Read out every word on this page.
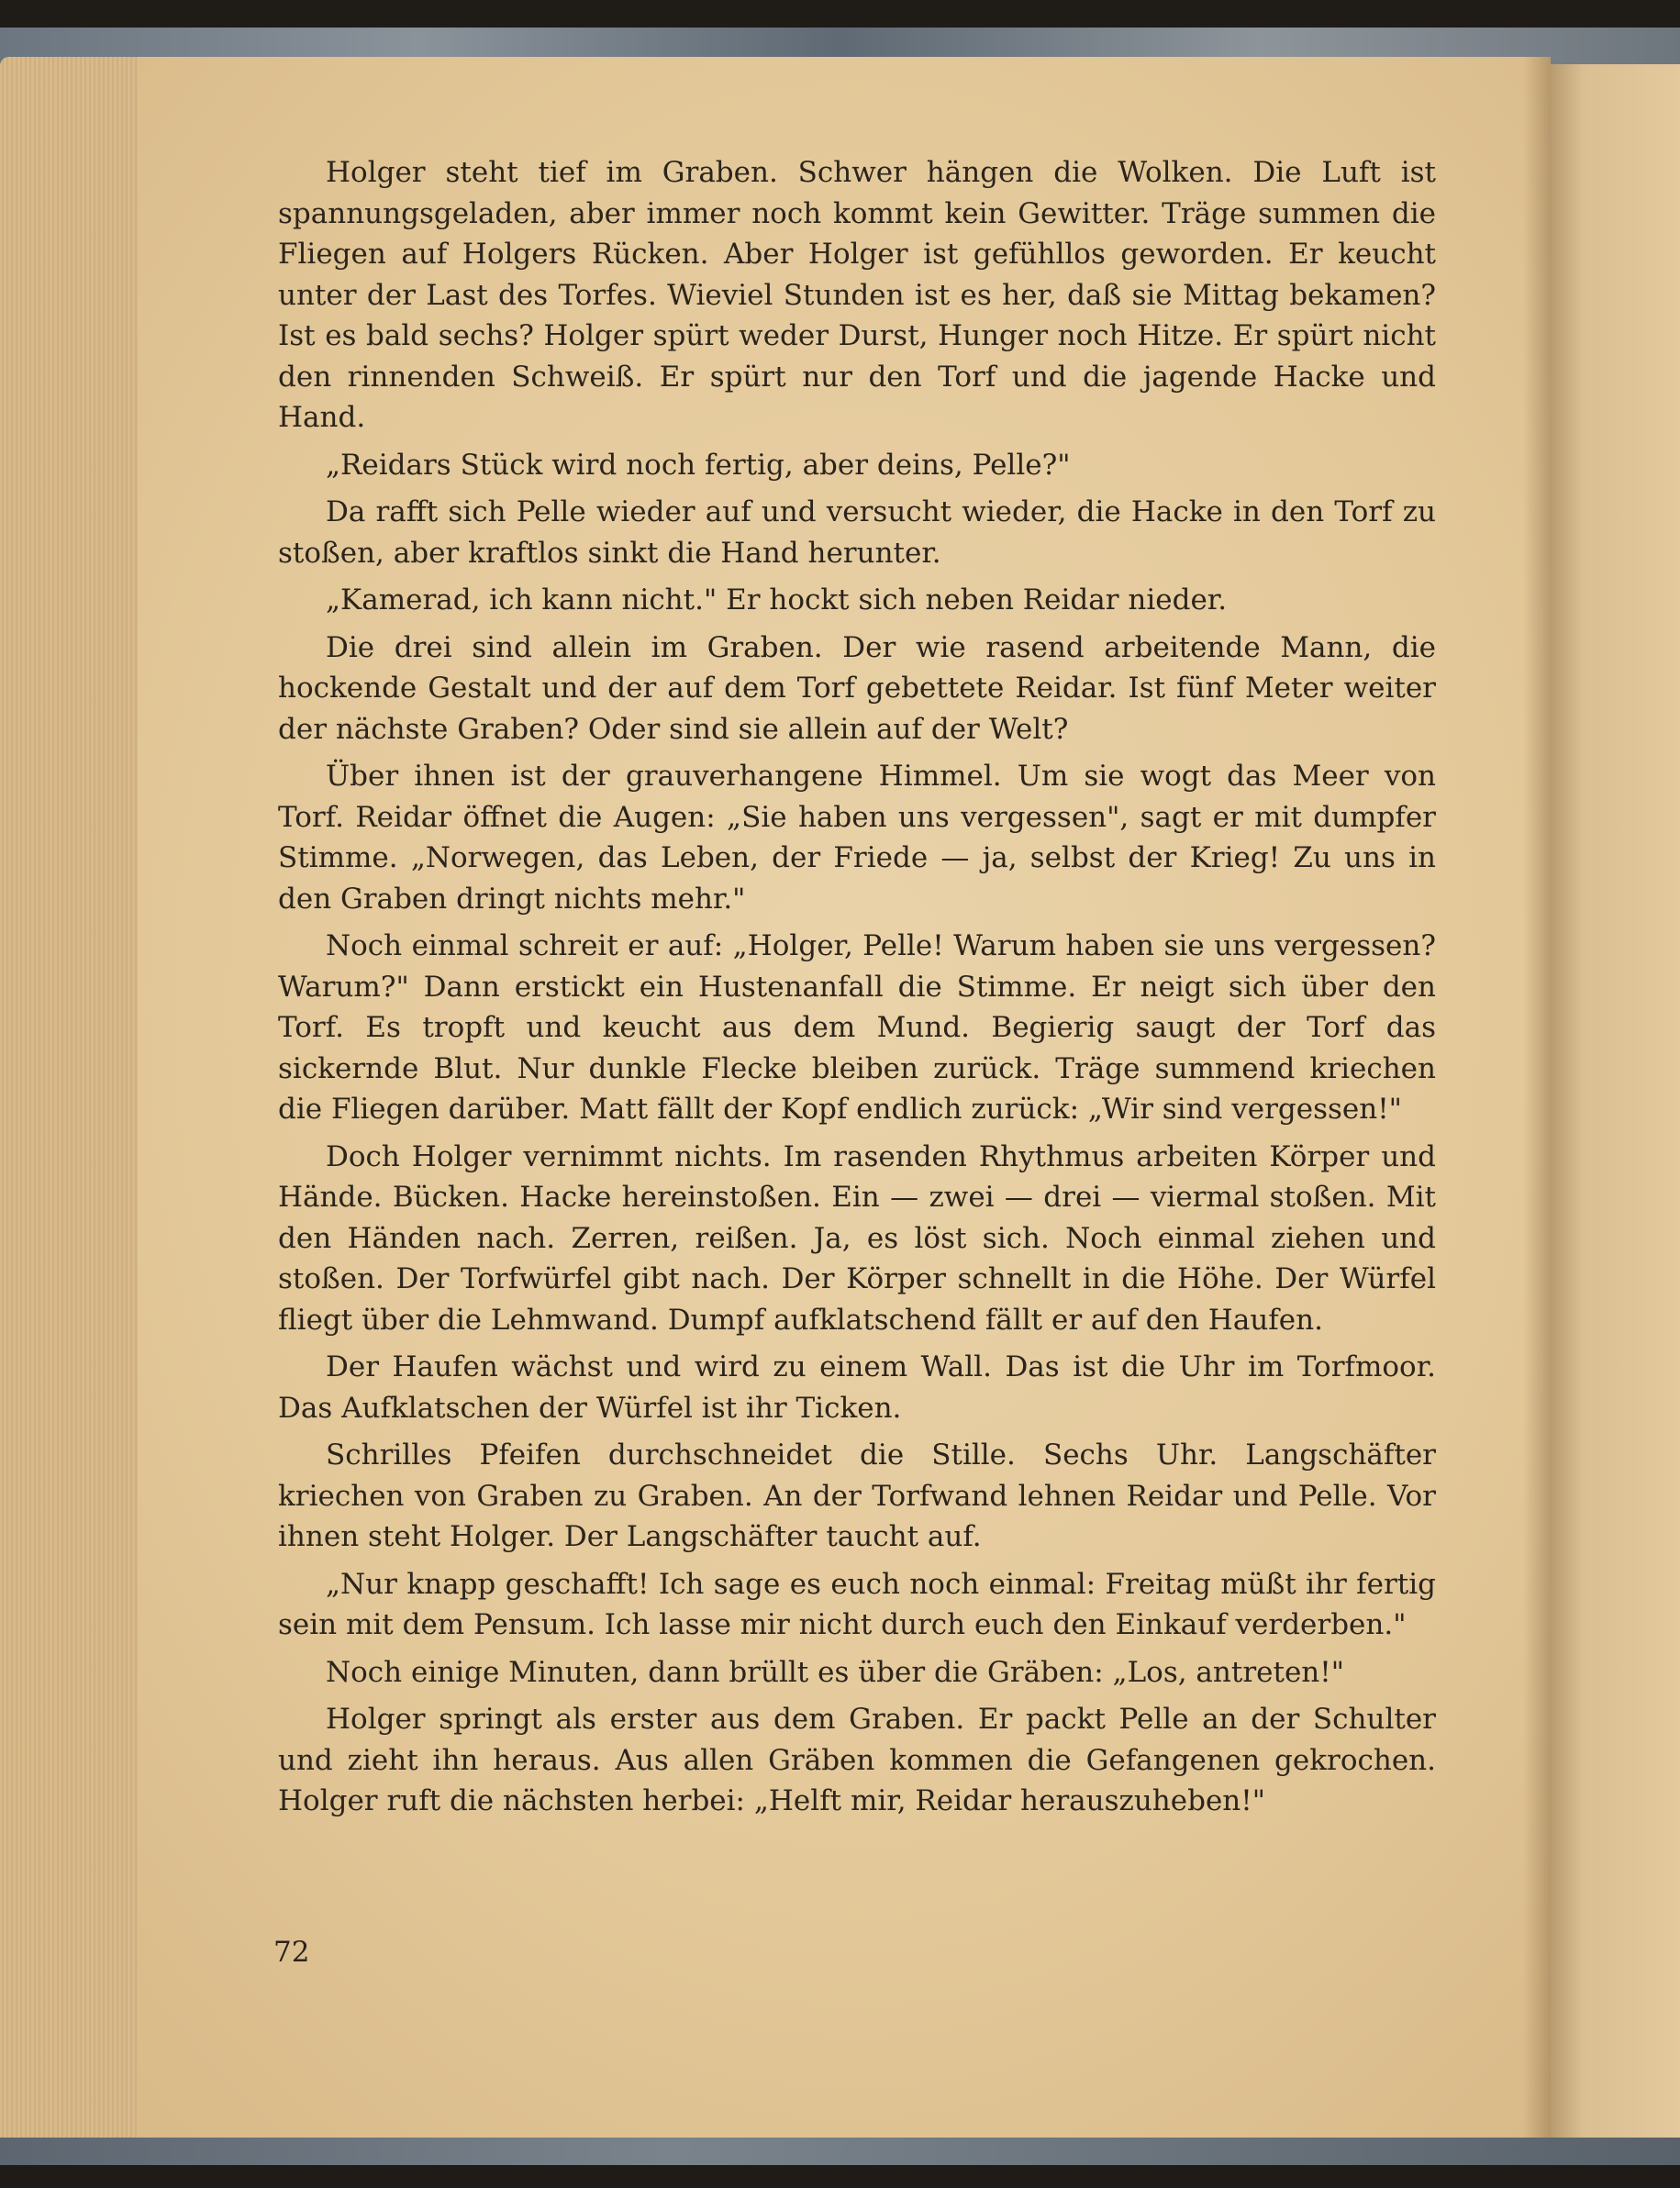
Holger steht tief im Graben. Schwer hängen die Wolken. Die Luft ist spannungsgeladen, aber immer noch kommt kein Gewitter. Träge summen die Fliegen auf Holgers Rücken. Aber Holger ist gefühllos geworden. Er keucht unter der Last des Torfes. Wieviel Stunden ist es her, daß sie Mittag bekamen? Ist es bald sechs? Holger spürt weder Durst, Hunger noch Hitze. Er spürt nicht den rinnenden Schweiß. Er spürt nur den Torf und die jagende Hacke und Hand.

„Reidars Stück wird noch fertig, aber deins, Pelle?"

Da rafft sich Pelle wieder auf und versucht wieder, die Hacke in den Torf zu stoßen, aber kraftlos sinkt die Hand herunter.

„Kamerad, ich kann nicht." Er hockt sich neben Reidar nieder.

Die drei sind allein im Graben. Der wie rasend arbeitende Mann, die hockende Gestalt und der auf dem Torf gebettete Reidar. Ist fünf Meter weiter der nächste Graben? Oder sind sie allein auf der Welt?

Über ihnen ist der grauverhangene Himmel. Um sie wogt das Meer von Torf. Reidar öffnet die Augen: „Sie haben uns vergessen", sagt er mit dumpfer Stimme. „Norwegen, das Leben, der Friede — ja, selbst der Krieg! Zu uns in den Graben dringt nichts mehr."

Noch einmal schreit er auf: „Holger, Pelle! Warum haben sie uns vergessen? Warum?" Dann erstickt ein Hustenanfall die Stimme. Er neigt sich über den Torf. Es tropft und keucht aus dem Mund. Begierig saugt der Torf das sickernde Blut. Nur dunkle Flecke bleiben zurück. Träge summend kriechen die Fliegen darüber. Matt fällt der Kopf endlich zurück: „Wir sind vergessen!"

Doch Holger vernimmt nichts. Im rasenden Rhythmus arbeiten Körper und Hände. Bücken. Hacke hereinstoßen. Ein — zwei — drei — viermal stoßen. Mit den Händen nach. Zerren, reißen. Ja, es löst sich. Noch einmal ziehen und stoßen. Der Torfwürfel gibt nach. Der Körper schnellt in die Höhe. Der Würfel fliegt über die Lehmwand. Dumpf aufklatschend fällt er auf den Haufen.

Der Haufen wächst und wird zu einem Wall. Das ist die Uhr im Torfmoor. Das Aufklatschen der Würfel ist ihr Ticken.

Schrilles Pfeifen durchschneidet die Stille. Sechs Uhr. Langschäfter kriechen von Graben zu Graben. An der Torfwand lehnen Reidar und Pelle. Vor ihnen steht Holger. Der Langschäfter taucht auf.

„Nur knapp geschafft! Ich sage es euch noch einmal: Freitag müßt ihr fertig sein mit dem Pensum. Ich lasse mir nicht durch euch den Einkauf verderben."

Noch einige Minuten, dann brüllt es über die Gräben: „Los, antreten!"

Holger springt als erster aus dem Graben. Er packt Pelle an der Schulter und zieht ihn heraus. Aus allen Gräben kommen die Gefangenen gekrochen. Holger ruft die nächsten herbei: „Helft mir, Reidar herauszuheben!"

72
